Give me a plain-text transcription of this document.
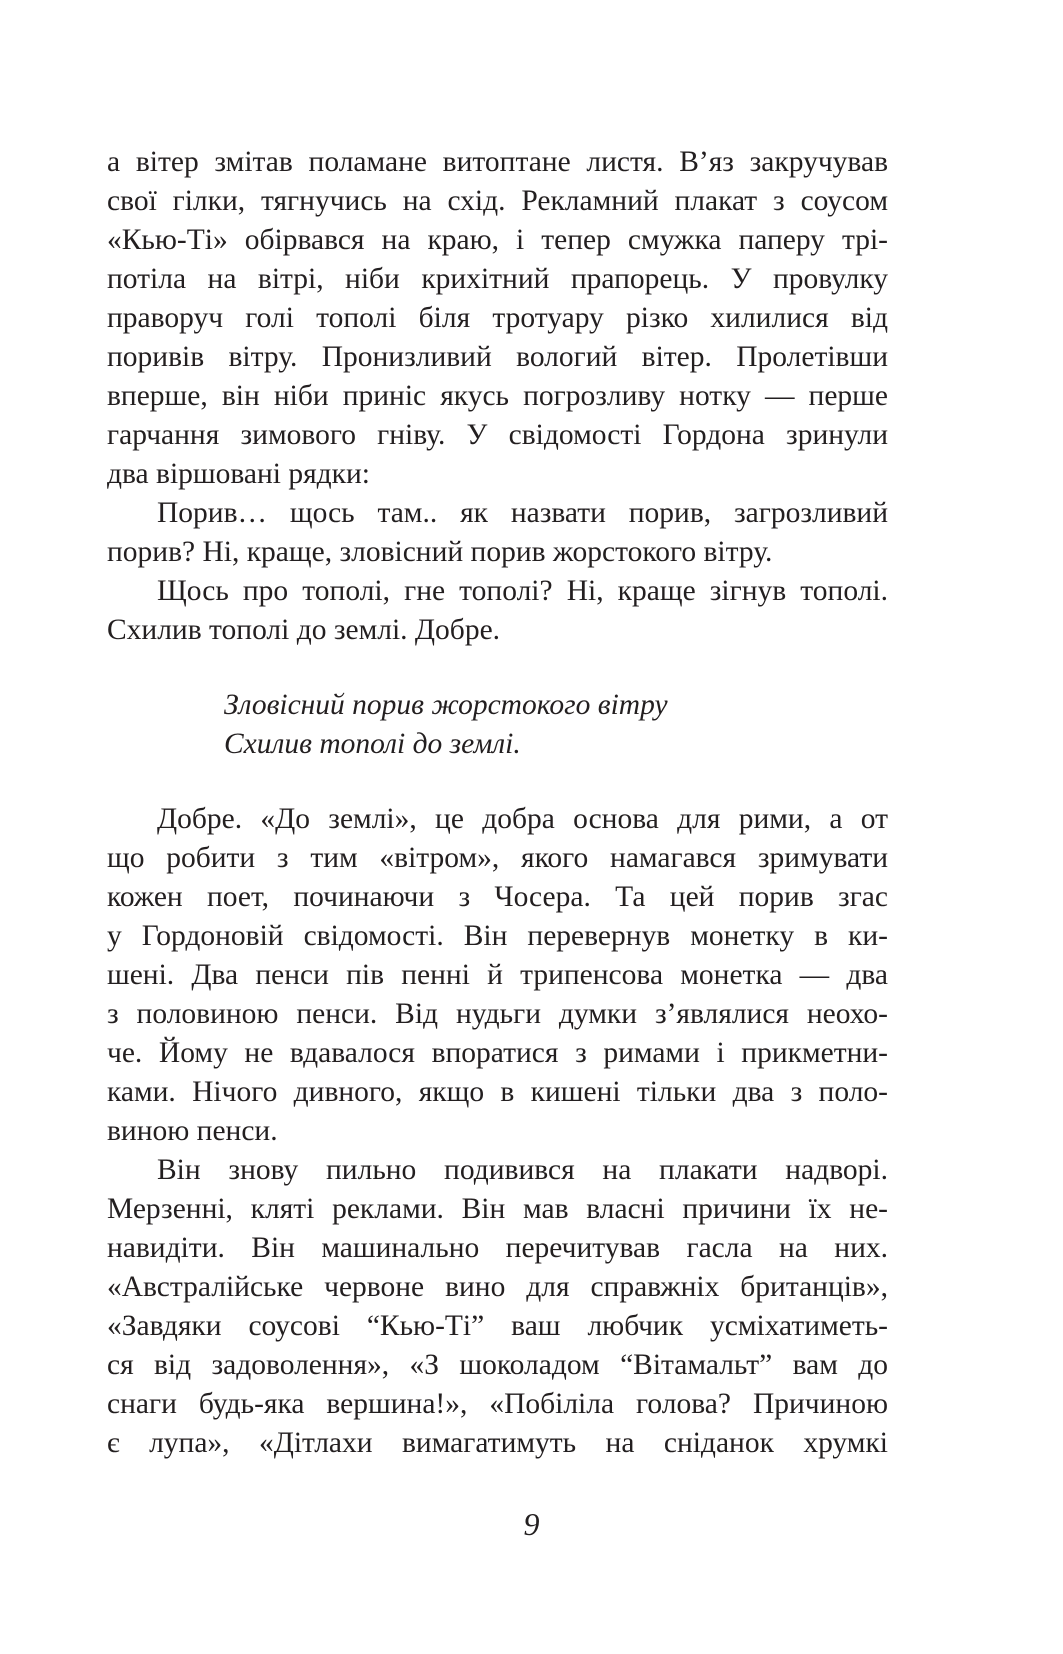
а вітер змітав поламане витоптане листя. В’яз закручував
свої гілки, тягнучись на схід. Рекламний плакат з соусом
«Кью-Ті» обірвався на краю, і тепер смужка паперу трі-
потіла на вітрі, ніби крихітний прапорець. У провулку
праворуч голі тополі біля тротуару різко хилилися від
поривів вітру. Пронизливий вологий вітер. Пролетівши
вперше, він ніби приніс якусь погрозливу нотку — перше
гарчання зимового гніву. У свідомості Гордона зринули
два віршовані рядки:
Порив… щось там.. як назвати порив, загрозливий
порив? Ні, краще, зловісний порив жорстокого вітру.
Щось про тополі, гне тополі? Ні, краще зігнув тополі.
Схилив тополі до землі. Добре.
Зловісний порив жорстокого вітру
Схилив тополі до землі.
Добре. «До землі», це добра основа для рими, а от
що робити з тим «вітром», якого намагався зримувати
кожен поет, починаючи з Чосера. Та цей порив згас
у Гордоновій свідомості. Він перевернув монетку в ки-
шені. Два пенси пів пенні й трипенсова монетка — два
з половиною пенси. Від нудьги думки з’являлися неохо-
че. Йому не вдавалося впоратися з римами і прикметни-
ками. Нічого дивного, якщо в кишені тільки два з поло-
виною пенси.
Він знову пильно подивився на плакати надворі.
Мерзенні, кляті реклами. Він мав власні причини їх не-
навидіти. Він машинально перечитував гасла на них.
«Австралійське червоне вино для справжніх британців»,
«Завдяки соусові “Кью-Ті” ваш любчик усміхатиметь-
ся від задоволення», «З шоколадом “Вітамальт” вам до
снаги будь-яка вершина!», «Побіліла голова? Причиною
є лупа», «Дітлахи вимагатимуть на сніданок хрумкі
9
